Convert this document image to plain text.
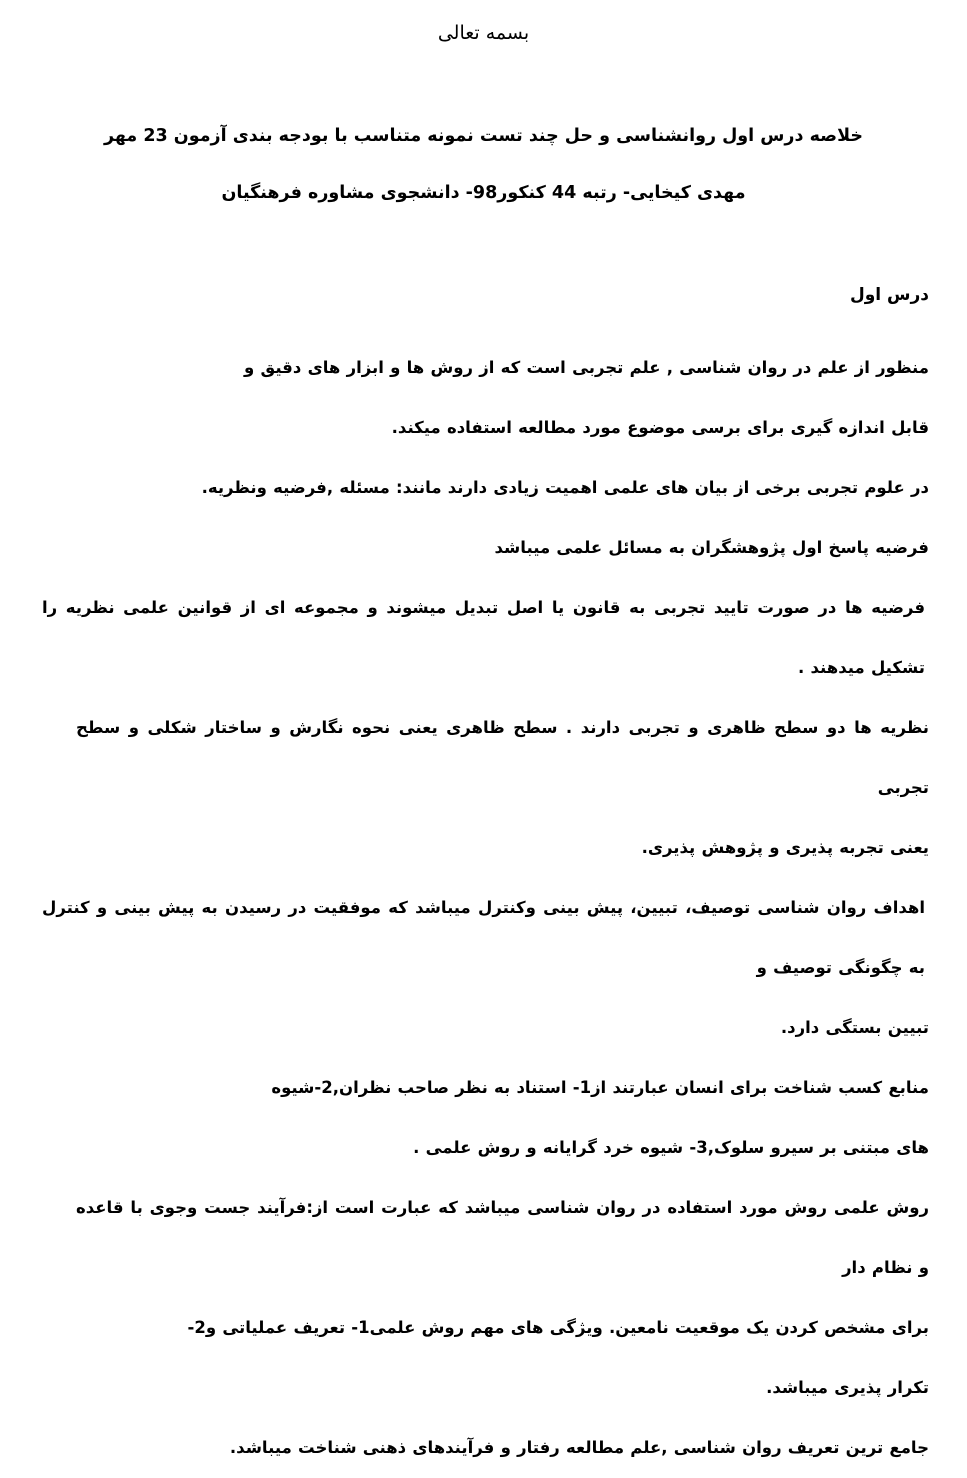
بسمه تعالی
خلاصه درس اول روانشناسی و حل چند تست نمونه متناسب با بودجه بندی آزمون 23 مهر
مهدی کیخایی- رتبه 44 کنکور98- دانشجوی مشاوره فرهنگیان
درس اول

منظور از علم در روان شناسی , علم تجربی است که از روش ها و ابزار های دقیق و

قابل اندازه گیری برای برسی موضوع مورد مطالعه استفاده میکند.

در علوم تجربی برخی از بیان های علمی اهمیت زیادی دارند مانند: مسئله ,فرضیه ونظریه.

فرضیه پاسخ اول پژوهشگران به مسائل علمی میباشد

فرضیه ها در صورت تایید تجربی به قانون یا اصل تبدیل میشوند و مجموعه ای از قوانین علمی نظریه را تشکیل میدهند .

نظریه ها دو سطح ظاهری و تجربی دارند . سطح ظاهری یعنی نحوه نگارش و ساختار شکلی و سطح تجربی

یعنی تجربه پذیری و پژوهش پذیری.

اهداف روان شناسی توصیف، تبیین، پیش بینی وکنترل میباشد که موفقیت در رسیدن به پیش بینی و کنترل به چگونگی توصیف و

تبیین بستگی دارد.

منابع کسب شناخت برای انسان عبارتند از1- استناد به نظر صاحب نظران,2-شیوه

های مبتنی بر سیرو سلوک,3- شیوه خرد گرایانه و روش علمی .

روش علمی روش مورد استفاده در روان شناسی میباشد که عبارت است از:فرآیند جست وجوی با قاعده و نظام دار

برای مشخص کردن یک موقعیت نامعین. ویژگی های مهم روش علمی1- تعریف عملیاتی و2-

تکرار پذیری میباشد.

جامع ترین تعریف روان شناسی ,علم مطالعه رفتار و فرآیندهای ذهنی شناخت میباشد.
